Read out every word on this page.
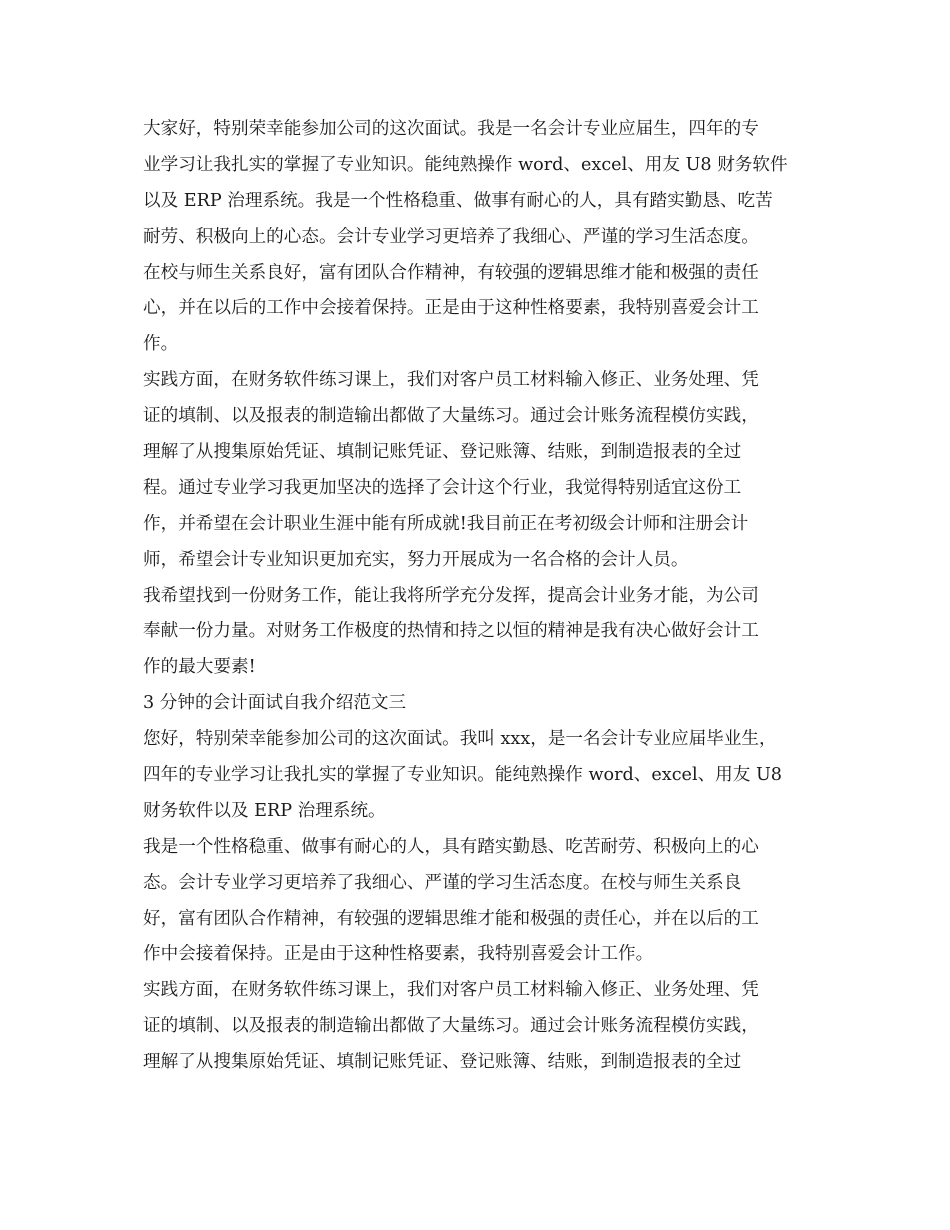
大家好，特别荣幸能参加公司的这次面试。我是一名会计专业应届生，四年的专

业学习让我扎实的掌握了专业知识。能纯熟操作 word、excel、用友 U8 财务软件

以及 ERP 治理系统。我是一个性格稳重、做事有耐心的人，具有踏实勤恳、吃苦

耐劳、积极向上的心态。会计专业学习更培养了我细心、严谨的学习生活态度。

在校与师生关系良好，富有团队合作精神，有较强的逻辑思维才能和极强的责任

心，并在以后的工作中会接着保持。正是由于这种性格要素，我特别喜爱会计工

作。

实践方面，在财务软件练习课上，我们对客户员工材料输入修正、业务处理、凭

证的填制、以及报表的制造输出都做了大量练习。通过会计账务流程模仿实践，

理解了从搜集原始凭证、填制记账凭证、登记账簿、结账，到制造报表的全过

程。通过专业学习我更加坚决的选择了会计这个行业，我觉得特别适宜这份工

作，并希望在会计职业生涯中能有所成就!我目前正在考初级会计师和注册会计

师，希望会计专业知识更加充实，努力开展成为一名合格的会计人员。

我希望找到一份财务工作，能让我将所学充分发挥，提高会计业务才能，为公司

奉献一份力量。对财务工作极度的热情和持之以恒的精神是我有决心做好会计工

作的最大要素!

3 分钟的会计面试自我介绍范文三

您好，特别荣幸能参加公司的这次面试。我叫 xxx，是一名会计专业应届毕业生，

四年的专业学习让我扎实的掌握了专业知识。能纯熟操作 word、excel、用友 U8

财务软件以及 ERP 治理系统。

我是一个性格稳重、做事有耐心的人，具有踏实勤恳、吃苦耐劳、积极向上的心

态。会计专业学习更培养了我细心、严谨的学习生活态度。在校与师生关系良

好，富有团队合作精神，有较强的逻辑思维才能和极强的责任心，并在以后的工

作中会接着保持。正是由于这种性格要素，我特别喜爱会计工作。

实践方面，在财务软件练习课上，我们对客户员工材料输入修正、业务处理、凭

证的填制、以及报表的制造输出都做了大量练习。通过会计账务流程模仿实践，

理解了从搜集原始凭证、填制记账凭证、登记账簿、结账，到制造报表的全过
